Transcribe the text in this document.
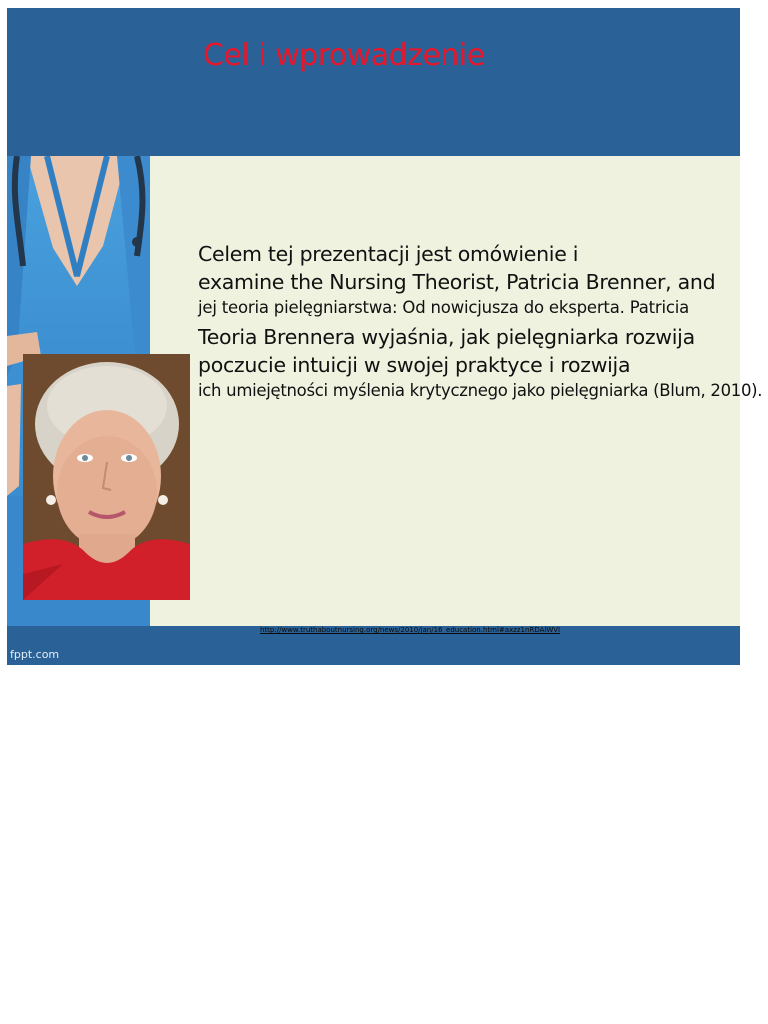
Cel i wprowadzenie
http://www.truthaboutnursing.org/news/2010/jan/16_education.html#axzz1nRDAlWVI
fppt.com
Celem tej prezentacji jest omówienie i
examine the Nursing Theorist, Patricia Brenner, and
jej teoria pielęgniarstwa: Od nowicjusza do eksperta. Patricia
Teoria Brennera wyjaśnia, jak pielęgniarka rozwija
poczucie intuicji w swojej praktyce i rozwija
ich umiejętności myślenia krytycznego jako pielęgniarka (Blum, 2010).
